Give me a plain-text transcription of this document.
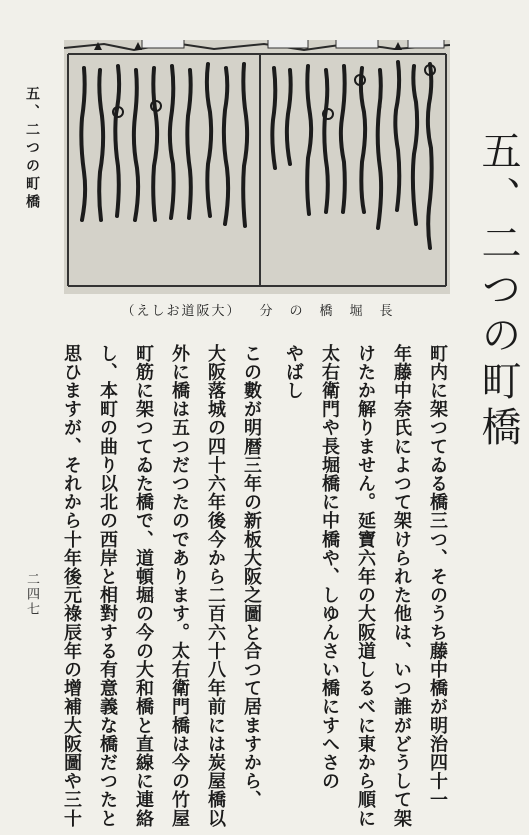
五、二つの町橋
二四七
（えしお道阪大） 分　の　橋　堀　長 五、二つの町橋
町内に架つてゐる橋三つ、そのうち藤中橋が明治四十一
年藤中奈氏によつて架けられた他は、いつ誰がどうして架
けたか解りません。延寶六年の大阪道しるべに東から順に
太右衛門や長堀橋に中橋や、しゆんさい橋にすへさの
やばし
この數が明暦三年の新板大阪之圖と合つて居ますから、
大阪落城の四十六年後今から二百六十八年前には炭屋橋以
外に橋は五つだつたのであります。太右衛門橋は今の竹屋
町筋に架つてゐた橋で、道頓堀の今の大和橋と直線に連絡
し、本町の曲り以北の西岸と相對する有意義な橋だつたと
思ひますが、それから十年後元祿辰年の增補大阪圖や三十
